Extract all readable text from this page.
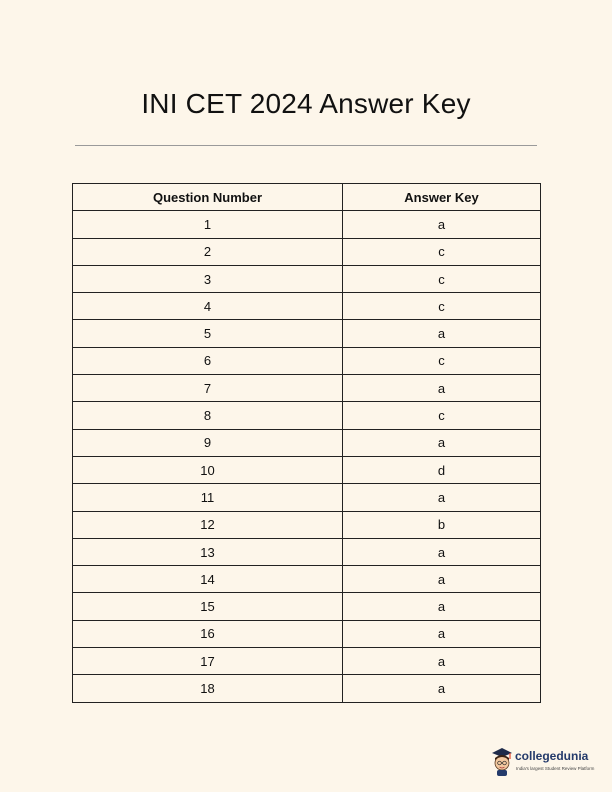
INI CET 2024 Answer Key
Question Number	Answer Key
1	a
2	c
3	c
4	c
5	a
6	c
7	a
8	c
9	a
10	d
11	a
12	b
13	a
14	a
15	a
16	a
17	a
18	a
collegedunia
India's largest Student Review Platform
